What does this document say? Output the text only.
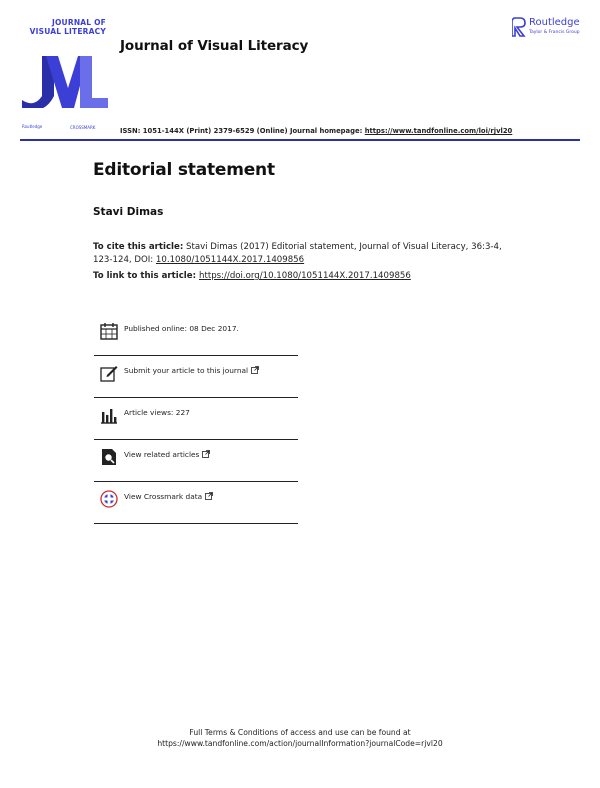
JOURNAL OF
VISUAL LITERACY
Journal of Visual Literacy
Routledge
Taylor & Francis Group
Routledge	CROSSMARK	ISSN: 1051-144X (Print) 2379-6529 (Online) Journal homepage: https://www.tandfonline.com/loi/rjvl20
Editorial statement
Stavi Dimas
To cite this article: Stavi Dimas (2017) Editorial statement, Journal of Visual Literacy, 36:3-4, 123-124, DOI: 10.1080/1051144X.2017.1409856
To link to this article: https://doi.org/10.1080/1051144X.2017.1409856
Published online: 08 Dec 2017.
Submit your article to this journal
Article views: 227
View related articles
View Crossmark data
Full Terms & Conditions of access and use can be found at
https://www.tandfonline.com/action/journalInformation?journalCode=rjvl20
